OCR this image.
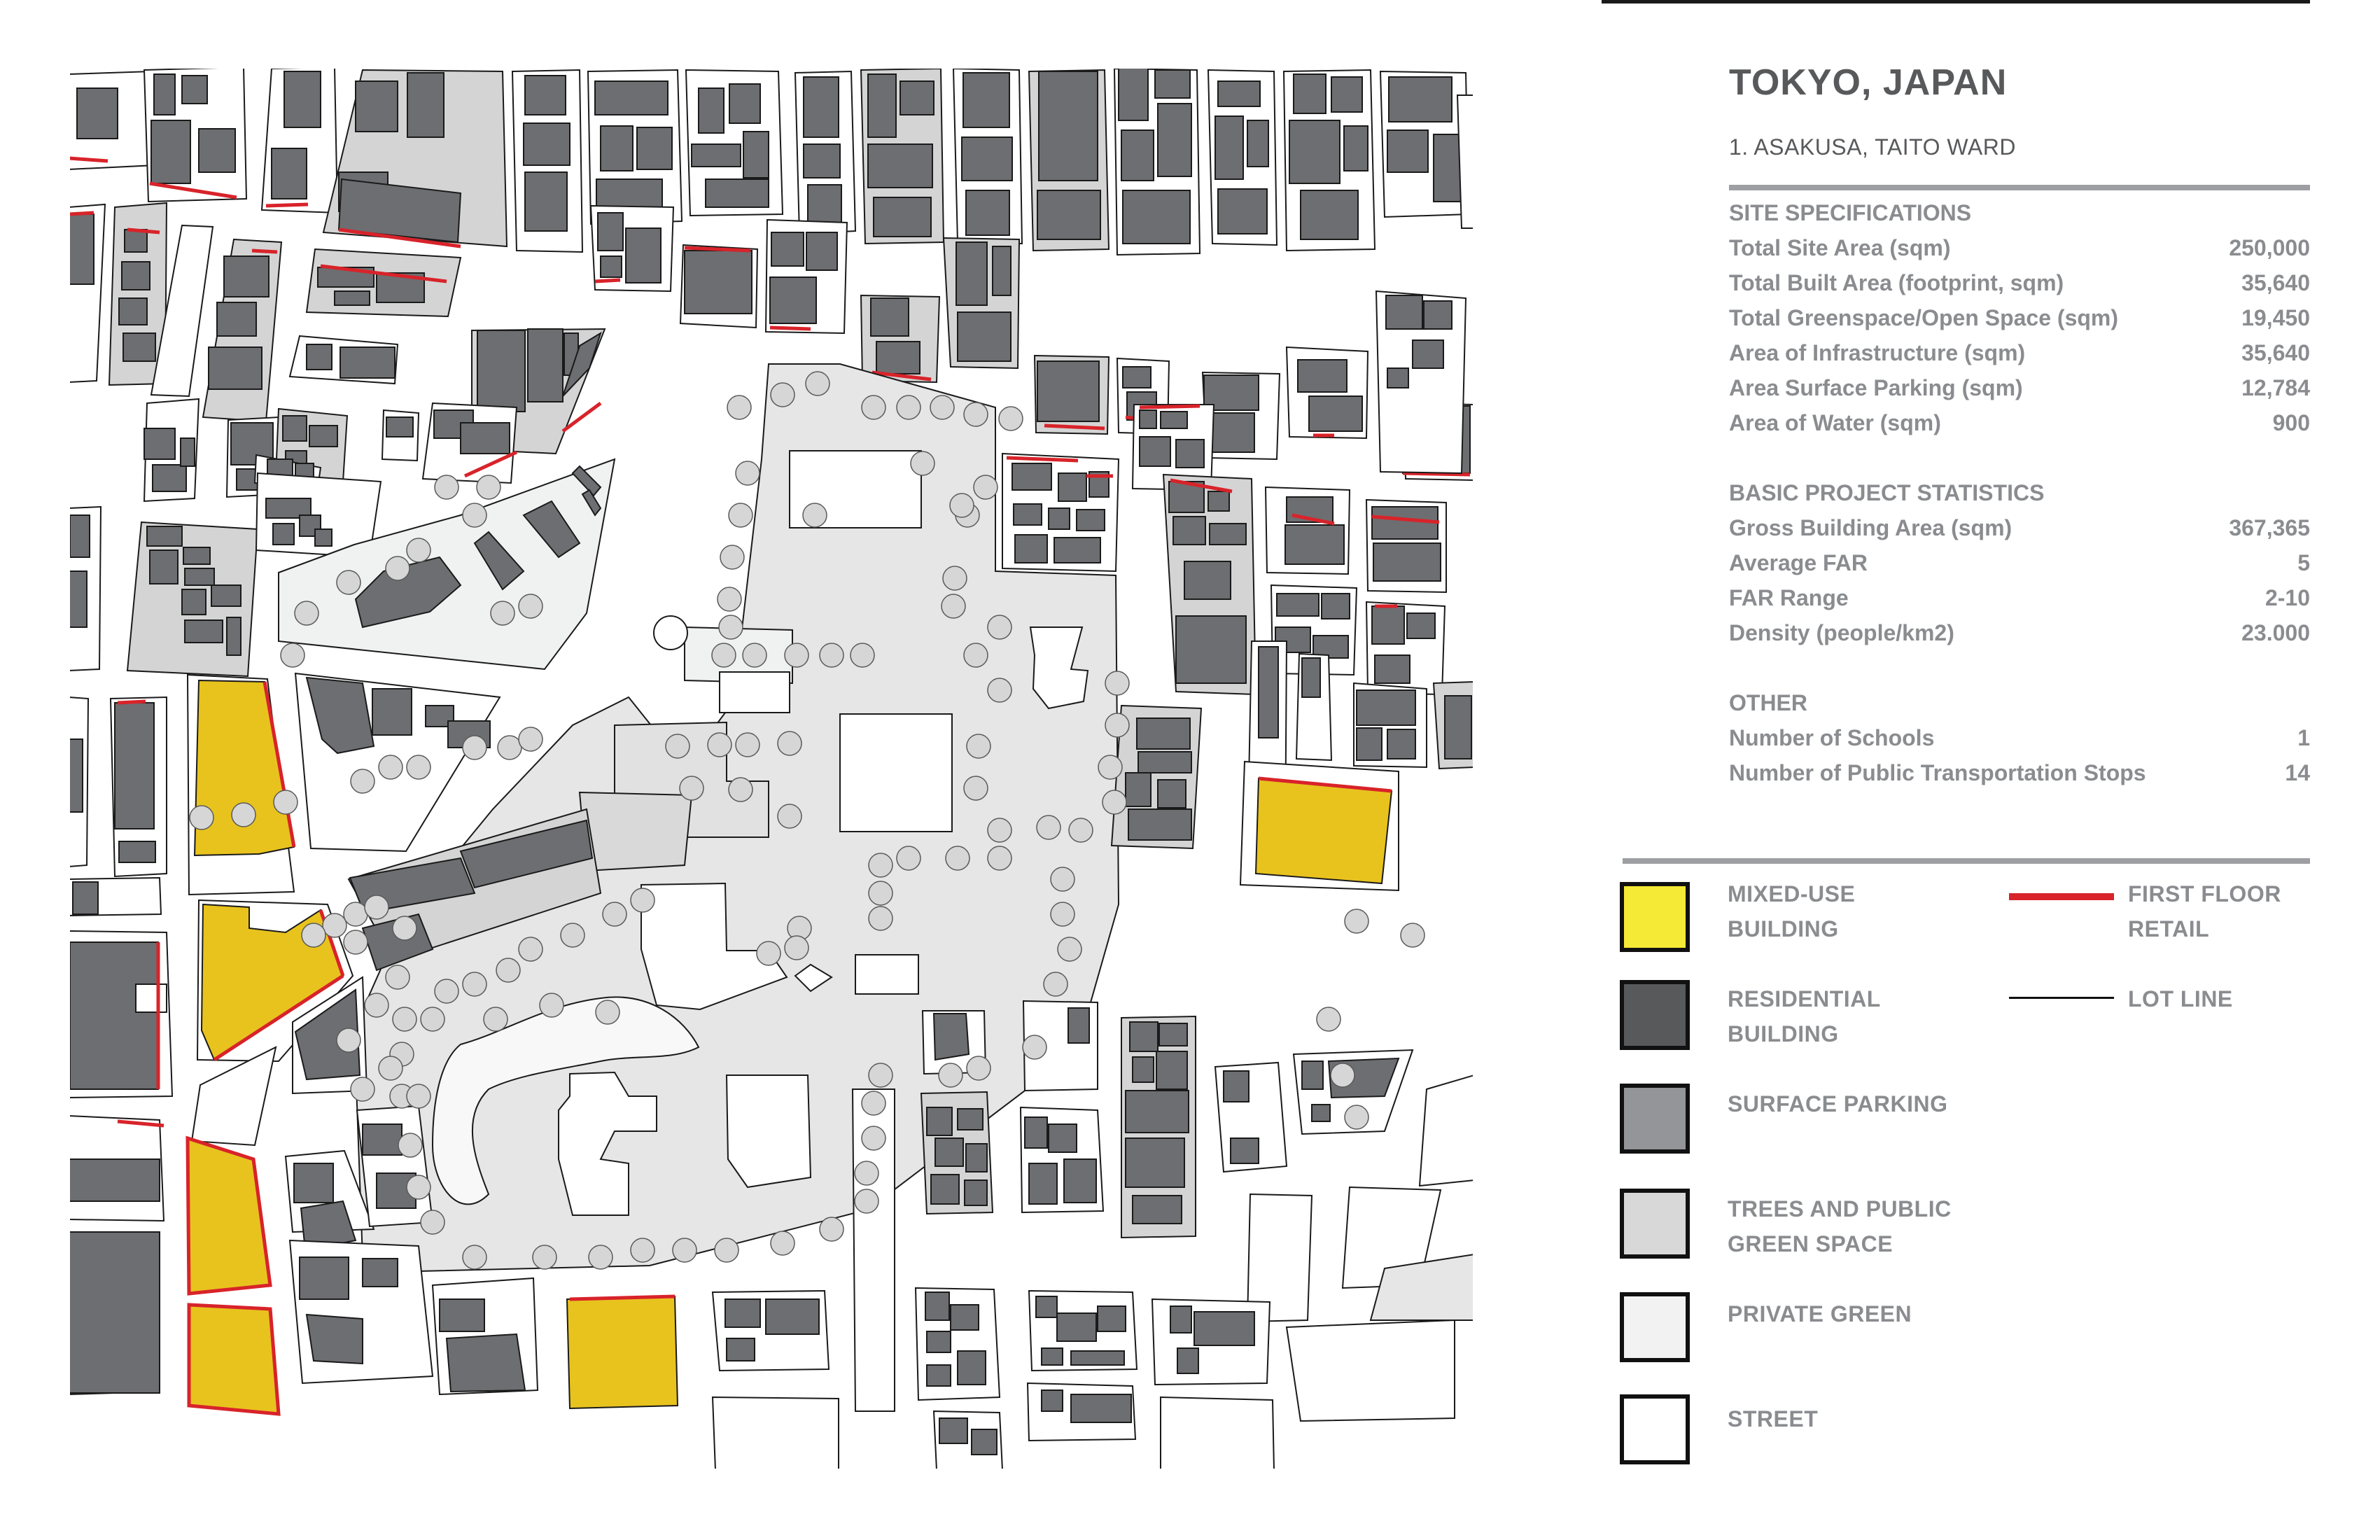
TOKYO, JAPAN
1. ASAKUSA, TAITO WARD
SITE SPECIFICATIONS
Total Site Area (sqm)	250,000
Total Built Area (footprint, sqm)	35,640
Total Greenspace/Open Space (sqm)	19,450
Area of Infrastructure (sqm)	35,640
Area Surface Parking (sqm)	12,784
Area of Water (sqm)	900
BASIC PROJECT STATISTICS
Gross Building Area (sqm)	367,365
Average FAR	5
FAR Range	2-10
Density (people/km2)	23.000
OTHER
Number of Schools	1
Number of Public Transportation Stops	14
MIXED-USE
BUILDING
RESIDENTIAL
BUILDING
SURFACE PARKING
TREES AND PUBLIC
GREEN SPACE
PRIVATE GREEN
STREET
FIRST FLOOR
RETAIL
LOT LINE
